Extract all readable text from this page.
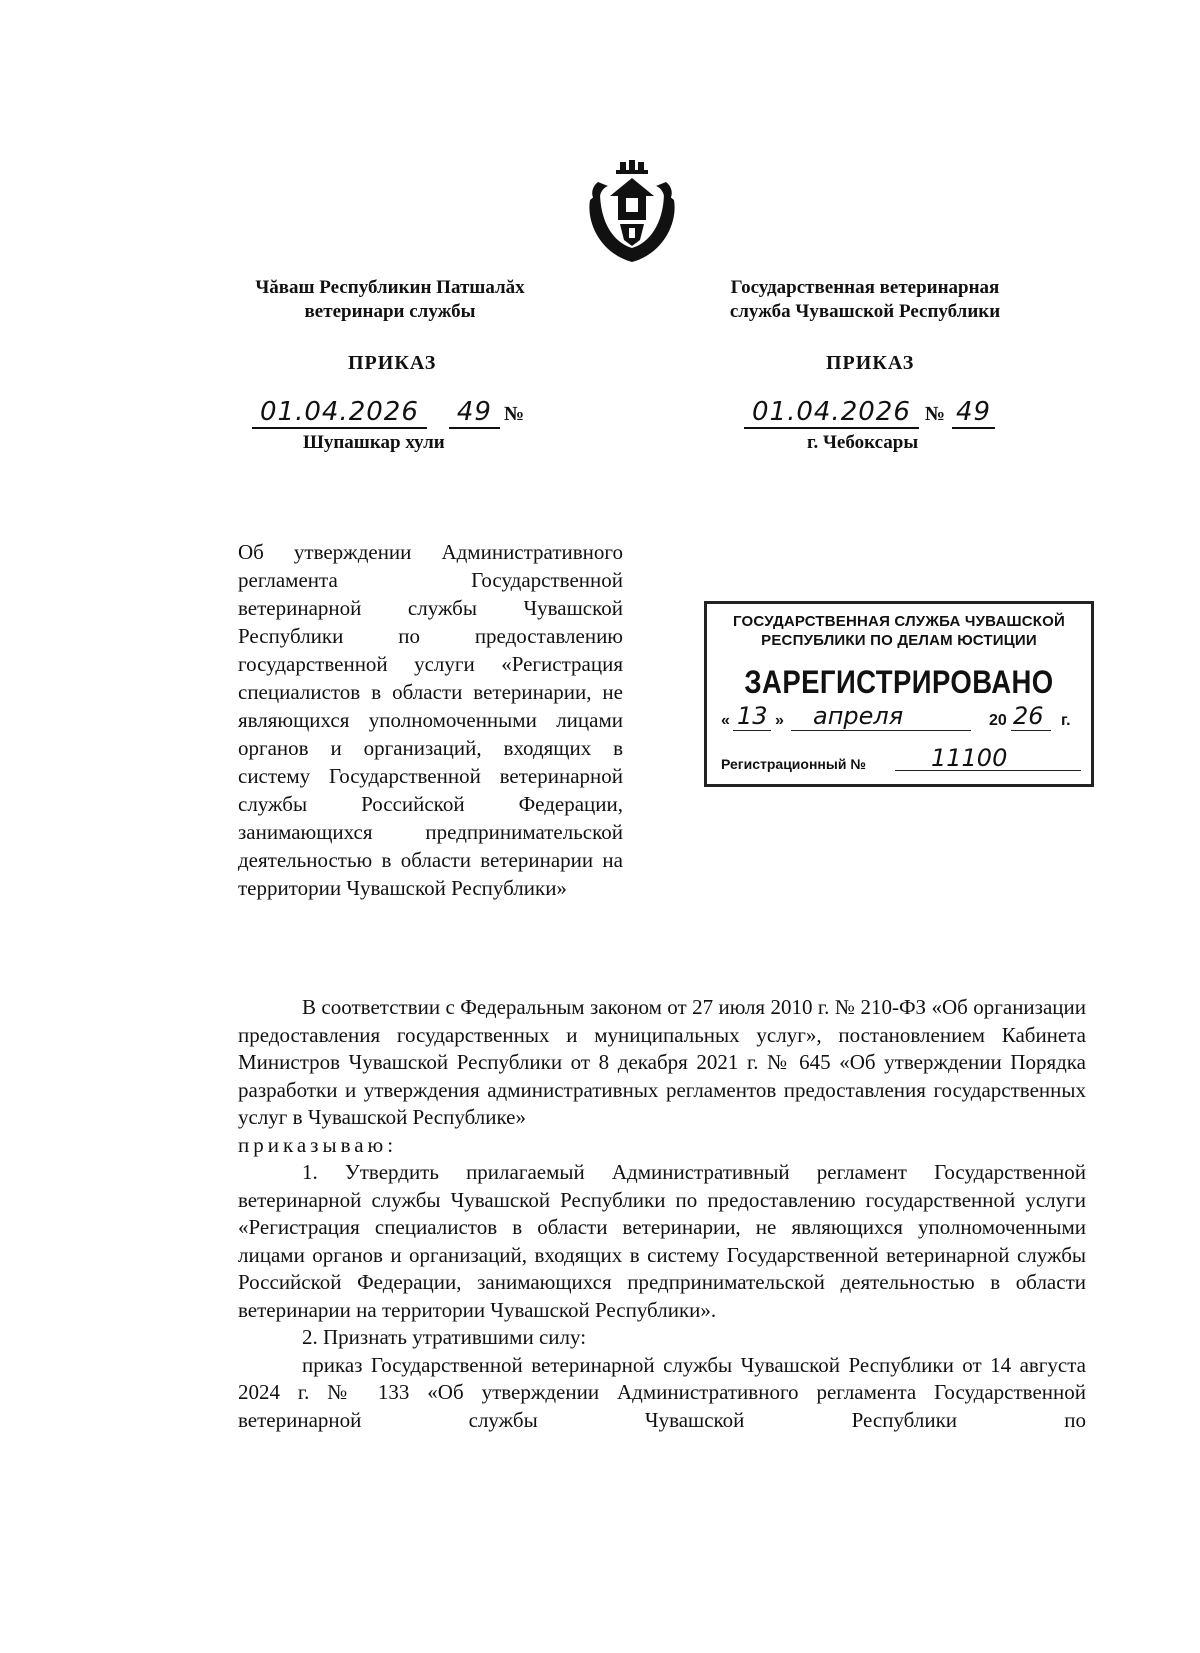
Чăваш Республикин Патшалăх
ветеринари службы
Государственная ветеринарная
служба Чувашской Республики
ПРИКАЗ	ПРИКАЗ
01.04.2026 49 №	01.04.2026 № 49
Шупашкар хули	г. Чебоксары
Об утверждении Административного регламента Государственной ветеринарной службы Чувашской Республики по предоставлению государственной услуги «Регистрация специалистов в области ветеринарии, не являющихся уполномоченными лицами органов и организаций, входящих в систему Государственной ветеринарной службы Российской Федерации, занимающихся предпринимательской деятельностью в области ветеринарии на территории Чувашской Республики»
ГОСУДАРСТВЕННАЯ СЛУЖБА ЧУВАШСКОЙ
РЕСПУБЛИКИ ПО ДЕЛАМ ЮСТИЦИИ
ЗАРЕГИСТРИРОВАНО
« 13 » апреля	20 26 г.
Регистрационный №	11100

В соответствии с Федеральным законом от 27 июля 2010 г. № 210-ФЗ «Об организации предоставления государственных и муниципальных услуг», постановлением Кабинета Министров Чувашской Республики от 8 декабря 2021 г. № 645 «Об утверждении Порядка разработки и утверждения административных регламентов предоставления государственных услуг в Чувашской Республике»

приказываю:

1. Утвердить прилагаемый Административный регламент Государственной ветеринарной службы Чувашской Республики по предоставлению государственной услуги «Регистрация специалистов в области ветеринарии, не являющихся уполномоченными лицами органов и организаций, входящих в систему Государственной ветеринарной службы Российской Федерации, занимающихся предпринимательской деятельностью в области ветеринарии на территории Чувашской Республики».

2. Признать утратившими силу:

приказ Государственной ветеринарной службы Чувашской Республики от 14 августа 2024 г. № 133 «Об утверждении Административного регламента Государственной ветеринарной службы Чувашской Республики по
